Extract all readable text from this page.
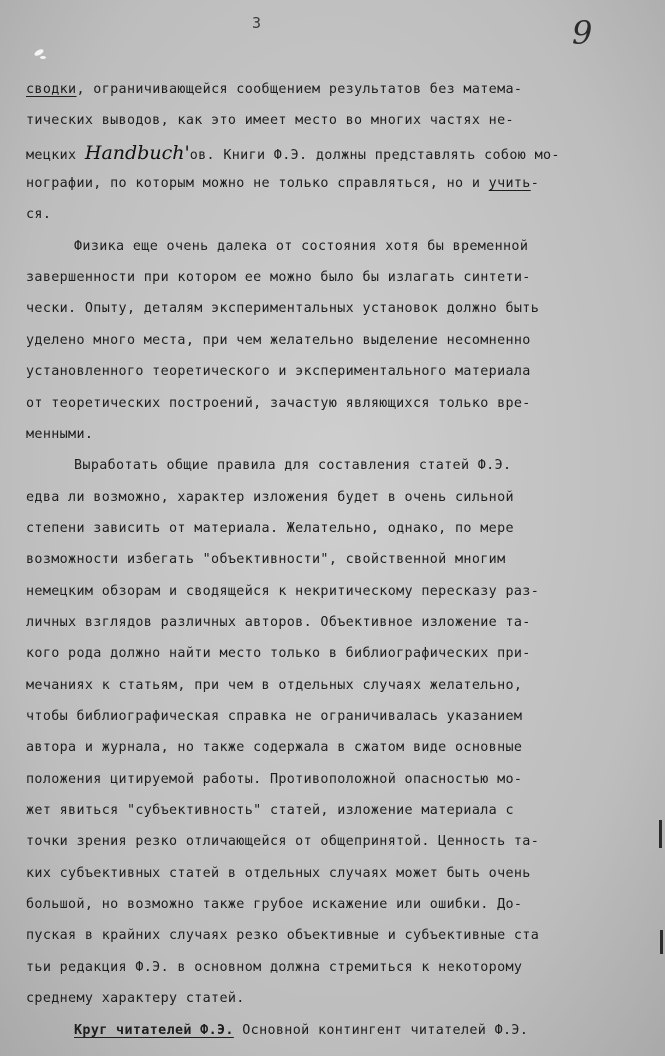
3	9
сводки, ограничивающейся сообщением результатов без матема-
тических выводов, как это имеет место во многих частях не-
мецких Handbuch'ов. Книги Ф.Э. должны представлять собою мо-
нографии, по которым можно не только справляться, но и учить-
ся.
Физика еще очень далека от состояния хотя бы временной
завершенности при котором ее можно было бы излагать синтети-
чески. Опыту, деталям экспериментальных установок должно быть
уделено много места, при чем желательно выделение несомненно
установленного теоретического и экспериментального материала
от теоретических построений, зачастую являющихся только вре-
менными.
Выработать общие правила для составления статей Ф.Э.
едва ли возможно, характер изложения будет в очень сильной
степени зависить от материала. Желательно, однако, по мере
возможности избегать "объективности", свойственной многим
немецким обзорам и сводящейся к некритическому пересказу раз-
личных взглядов различных авторов. Объективное изложение та-
кого рода должно найти место только в библиографических при-
мечаниях к статьям, при чем в отдельных случаях желательно,
чтобы библиографическая справка не ограничивалась указанием
автора и журнала, но также содержала в сжатом виде основные
положения цитируемой работы. Противоположной опасностью мо-
жет явиться "субъективность" статей, изложение материала с
точки зрения резко отличающейся от общепринятой. Ценность та-
ких субъективных статей в отдельных случаях может быть очень
большой, но возможно также грубое искажение или ошибки. До-
пуская в крайних случаях резко объективные и субъективные ста
тьи редакция Ф.Э. в основном должна стремиться к некоторому
среднему характеру статей.
Круг читателей Ф.Э. Основной контингент читателей Ф.Э.
